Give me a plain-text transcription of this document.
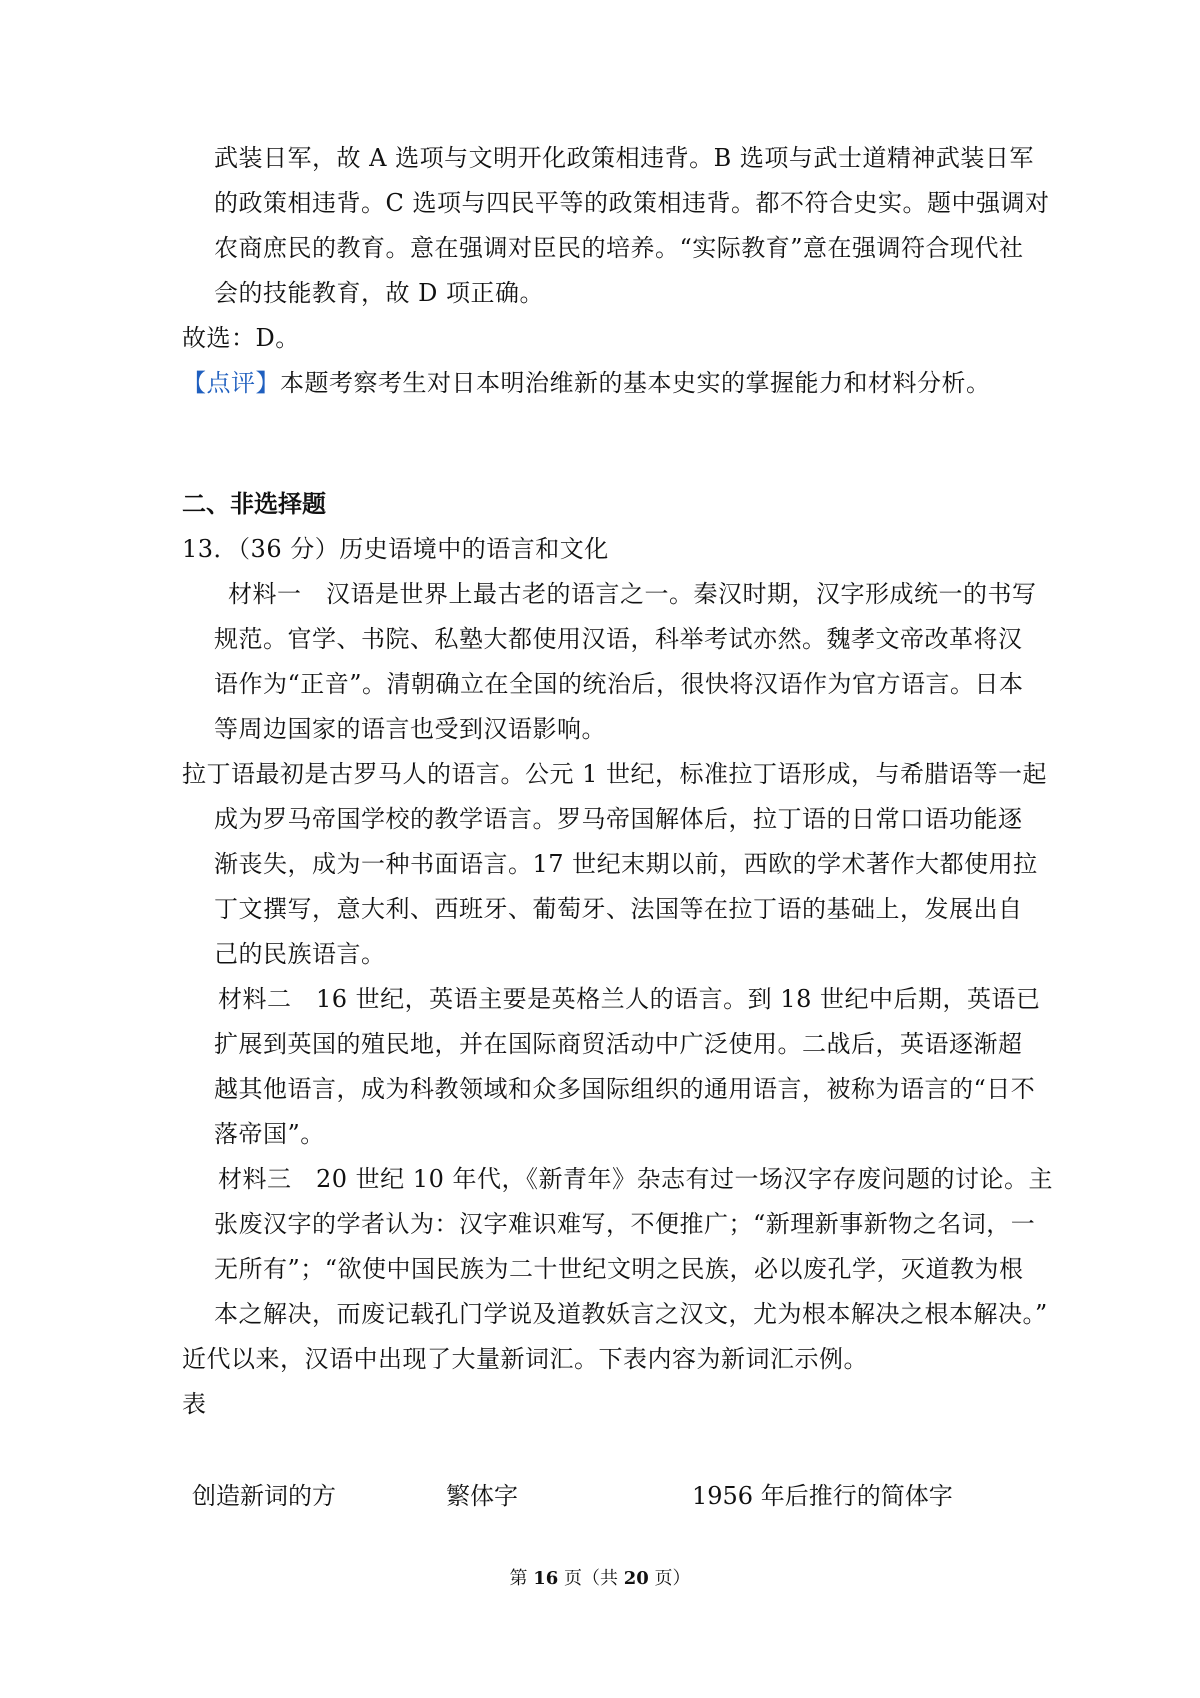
武装日军，故 A 选项与文明开化政策相违背。B 选项与武士道精神武装日军
的政策相违背。C 选项与四民平等的政策相违背。都不符合史实。题中强调对
农商庶民的教育。意在强调对臣民的培养。“实际教育”意在强调符合现代社
会的技能教育，故 D 项正确。
故选：D。
【点评】本题考察考生对日本明治维新的基本史实的掌握能力和材料分析。
二、非选择题
13．（36 分）历史语境中的语言和文化
材料一　汉语是世界上最古老的语言之一。秦汉时期，汉字形成统一的书写
规范。官学、书院、私塾大都使用汉语，科举考试亦然。魏孝文帝改革将汉
语作为“正音”。清朝确立在全国的统治后，很快将汉语作为官方语言。日本
等周边国家的语言也受到汉语影响。
拉丁语最初是古罗马人的语言。公元 1 世纪，标准拉丁语形成，与希腊语等一起
成为罗马帝国学校的教学语言。罗马帝国解体后，拉丁语的日常口语功能逐
渐丧失，成为一种书面语言。17 世纪末期以前，西欧的学术著作大都使用拉
丁文撰写，意大利、西班牙、葡萄牙、法国等在拉丁语的基础上，发展出自
己的民族语言。
材料二　16 世纪，英语主要是英格兰人的语言。到 18 世纪中后期，英语已
扩展到英国的殖民地，并在国际商贸活动中广泛使用。二战后，英语逐渐超
越其他语言，成为科教领域和众多国际组织的通用语言，被称为语言的“日不
落帝国”。
材料三　20 世纪 10 年代，《新青年》杂志有过一场汉字存废问题的讨论。主
张废汉字的学者认为：汉字难识难写，不便推广；“新理新事新物之名词，一
无所有”；“欲使中国民族为二十世纪文明之民族，必以废孔学，灭道教为根
本之解决，而废记载孔门学说及道教妖言之汉文，尤为根本解决之根本解决。”
近代以来，汉语中出现了大量新词汇。下表内容为新词汇示例。
表
创造新词的方	繁体字	1956 年后推行的简体字
第 16 页（共 20 页）
